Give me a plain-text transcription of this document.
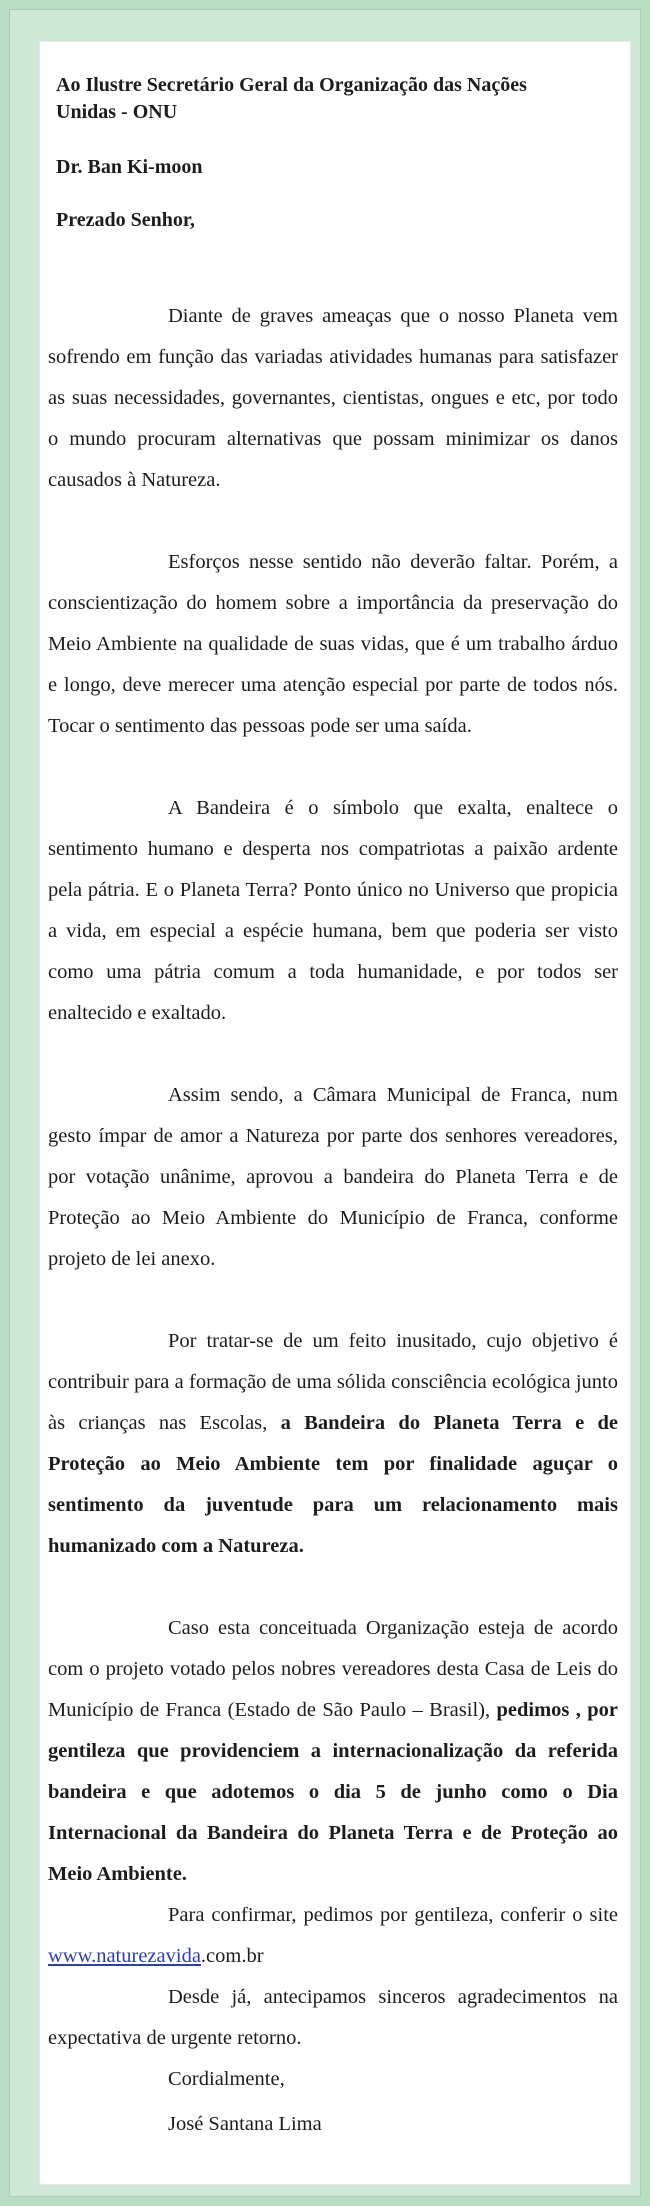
Ao Ilustre Secretário Geral da Organização das Nações
Unidas - ONU
Dr. Ban Ki-moon
Prezado Senhor,

Diante de graves ameaças que o nosso Planeta vem sofrendo em função das variadas atividades humanas para satisfazer as suas necessidades, governantes, cientistas, ongues e etc, por todo o mundo procuram alternativas que possam minimizar os danos causados à Natureza.

Esforços nesse sentido não deverão faltar. Porém, a conscientização do homem sobre a importância da preservação do Meio Ambiente na qualidade de suas vidas, que é um trabalho árduo e longo, deve merecer uma atenção especial por parte de todos nós. Tocar o sentimento das pessoas pode ser uma saída.

A Bandeira é o símbolo que exalta, enaltece o sentimento humano e desperta nos compatriotas a paixão ardente pela pátria. E o Planeta Terra? Ponto único no Universo que propicia a vida, em especial a espécie humana, bem que poderia ser visto como uma pátria comum a toda humanidade, e por todos ser enaltecido e exaltado.

Assim sendo, a Câmara Municipal de Franca, num gesto ímpar de amor a Natureza por parte dos senhores vereadores, por votação unânime, aprovou a bandeira do Planeta Terra e de Proteção ao Meio Ambiente do Município de Franca, conforme projeto de lei anexo.

Por tratar-se de um feito inusitado, cujo objetivo é contribuir para a formação de uma sólida consciência ecológica junto às crianças nas Escolas, a Bandeira do Planeta Terra e de Proteção ao Meio Ambiente tem por finalidade aguçar o sentimento da juventude para um relacionamento mais humanizado com a Natureza.

Caso esta conceituada Organização esteja de acordo com o projeto votado pelos nobres vereadores desta Casa de Leis do Município de Franca (Estado de São Paulo – Brasil), pedimos , por gentileza que providenciem a internacionalização da referida bandeira e que adotemos o dia 5 de junho como o Dia Internacional da Bandeira do Planeta Terra e de Proteção ao Meio Ambiente.

Para confirmar, pedimos por gentileza, conferir o site www.naturezavida.com.br

Desde já, antecipamos sinceros agradecimentos na expectativa de urgente retorno.

Cordialmente,

José Santana Lima
